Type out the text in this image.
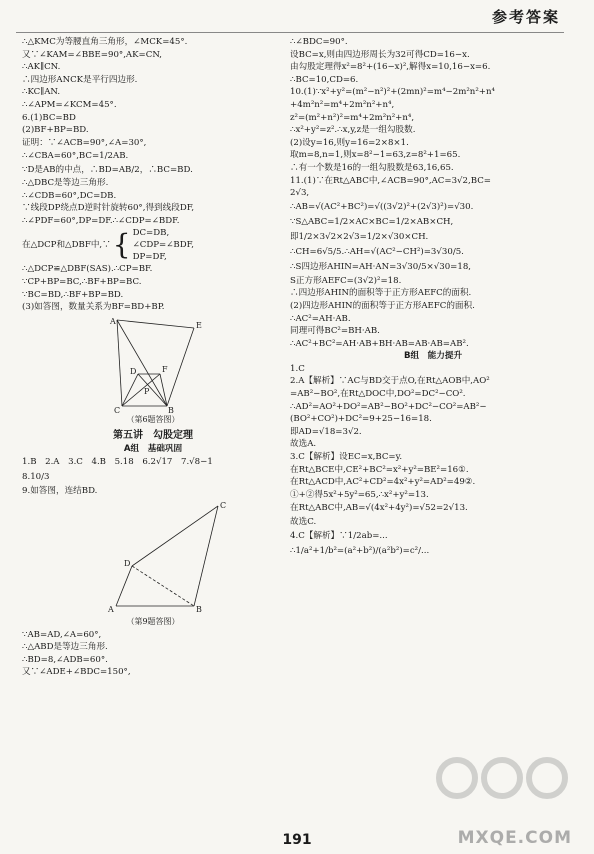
参考答案
∴△KMC为等腰直角三角形，∠MCK=45°.
又∵∠KAM=∠BBE=90°,AK=CN,
∴AK∥CN.
∴四边形ANCK是平行四边形.
∴KC∥AN.
∴∠APM=∠KCM=45°.
6.(1)BC=BD
(2)BF+BP=BD.
证明：∵∠ACB=90°,∠A=30°,
∴∠CBA=60°,BC=1/2AB.
∵D是AB的中点，∴BD=AB/2，∴BC=BD.
∴△DBC是等边三角形.
∴∠CDB=60°,DC=DB.
∵线段DP绕点D逆时针旋转60°,得到线段DF,
∴∠PDF=60°,DP=DF.∴∠CDP=∠BDF.
在△DCP和△DBF中,∵ { DC=DB,
∠CDP=∠BDF,
DP=DF,
∴△DCP≌△DBF(SAS).∴CP=BF.
∵CP+BP=BC,∴BF+BP=BC.
∵BC=BD,∴BF+BP=BD.
(3)如答图，数量关系为BF=BD+BP.
A	E
D	F
P
C	B
（第6题答图）
第五讲　勾股定理
A组　基础巩固
1.B　2.A　3.C　4.B　5.18　6.2√17　7.√8−1
8.10/3
9.如答图，连结BD.
C
D
A	B
（第9题答图）
∵AB=AD,∠A=60°,
∴△ABD是等边三角形.
∴BD=8,∠ADB=60°.
又∵∠ADE+∠BDC=150°,
∴∠BDC=90°.
设BC=x,则由四边形周长为32可得CD=16−x.
由勾股定理得x²=8²+(16−x)²,解得x=10,16−x=6.
∴BC=10,CD=6.
10.(1)∵x²+y²=(m²−n²)²+(2mn)²=m⁴−2m²n²+n⁴
+4m²n²=m⁴+2m²n²+n⁴,
z²=(m²+n²)²=m⁴+2m²n²+n⁴,
∴x²+y²=z².∴x,y,z是一组勾股数.
(2)设y=16,则y=16=2×8×1.
取m=8,n=1,则x=8²−1=63,z=8²+1=65.
∴有一个数是16的一组勾股数是63,16,65.
11.(1)∵在Rt△ABC中,∠ACB=90°,AC=3√2,BC=
2√3,
∴AB=√(AC²+BC²)=√((3√2)²+(2√3)²)=√30.
∵S△ABC=1/2×AC×BC=1/2×AB×CH,
即1/2×3√2×2√3=1/2×√30×CH.
∴CH=6√5/5.∴AH=√(AC²−CH²)=3√30/5.
∴S四边形AHIN=AH·AN=3√30/5×√30=18,
S正方形AEFC=(3√2)²=18.
∴四边形AHIN的面积等于正方形AEFC的面积.
(2)四边形AHIN的面积等于正方形AEFC的面积.
∴AC²=AH·AB.
同理可得BC²=BH·AB.
∴AC²+BC²=AH·AB+BH·AB=AB·AB=AB².
B组　能力提升
1.C
2.A【解析】∵AC与BD交于点O,在Rt△AOB中,AO²
=AB²−BO²,在Rt△DOC中,DO²=DC²−CO².
∴AD²=AO²+DO²=AB²−BO²+DC²−CO²=AB²−
(BO²+CO²)+DC²=9+25−16=18.
即AD=√18=3√2.
故选A.
3.C【解析】设EC=x,BC=y.
在Rt△BCE中,CE²+BC²=x²+y²=BE²=16①.
在Rt△ACD中,AC²+CD²=4x²+y²=AD²=49②.
①+②得5x²+5y²=65,∴x²+y²=13.
在Rt△ABC中,AB=√(4x²+4y²)=√52=2√13.
故选C.
4.C【解析】∵1/2ab=...
∴1/a²+1/b²=(a²+b²)/(a²b²)=c²/...
MXQE.COM
191
